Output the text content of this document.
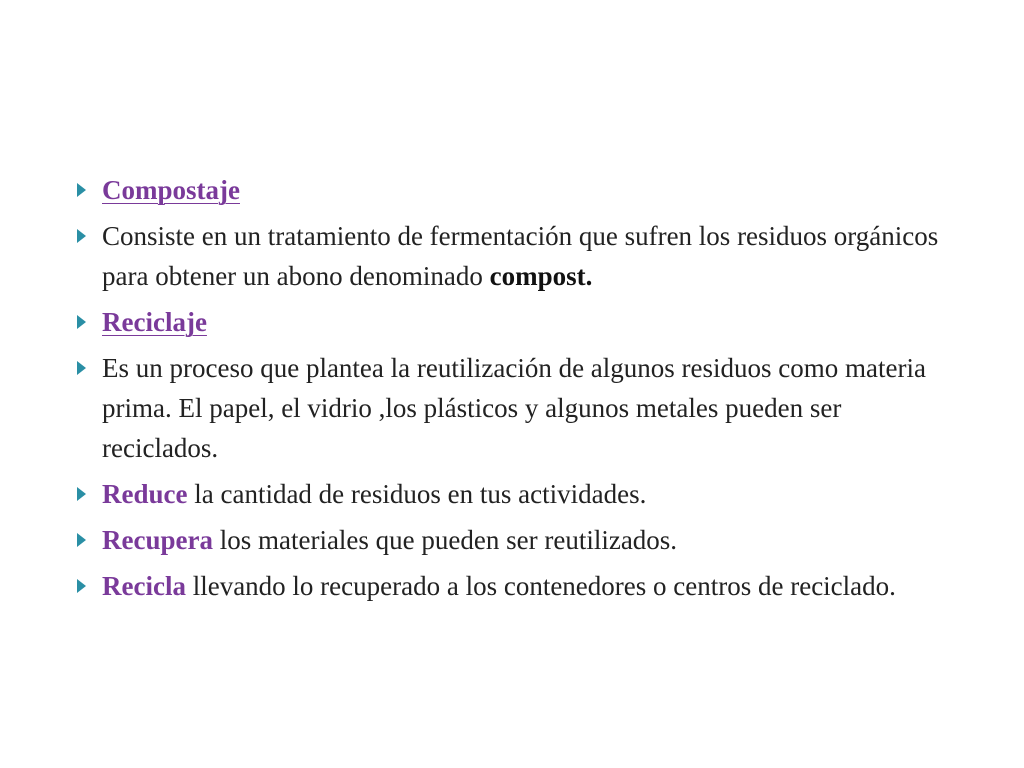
Compostaje
Consiste en un tratamiento de fermentación que sufren los residuos orgánicos para obtener un abono denominado compost.
Reciclaje
Es un proceso que plantea la reutilización de algunos residuos como materia prima. El papel, el vidrio ,los plásticos y algunos metales pueden ser reciclados.
Reduce la cantidad de residuos en tus actividades.
Recupera los materiales que pueden ser reutilizados.
Recicla llevando lo recuperado a los contenedores o centros de reciclado.
